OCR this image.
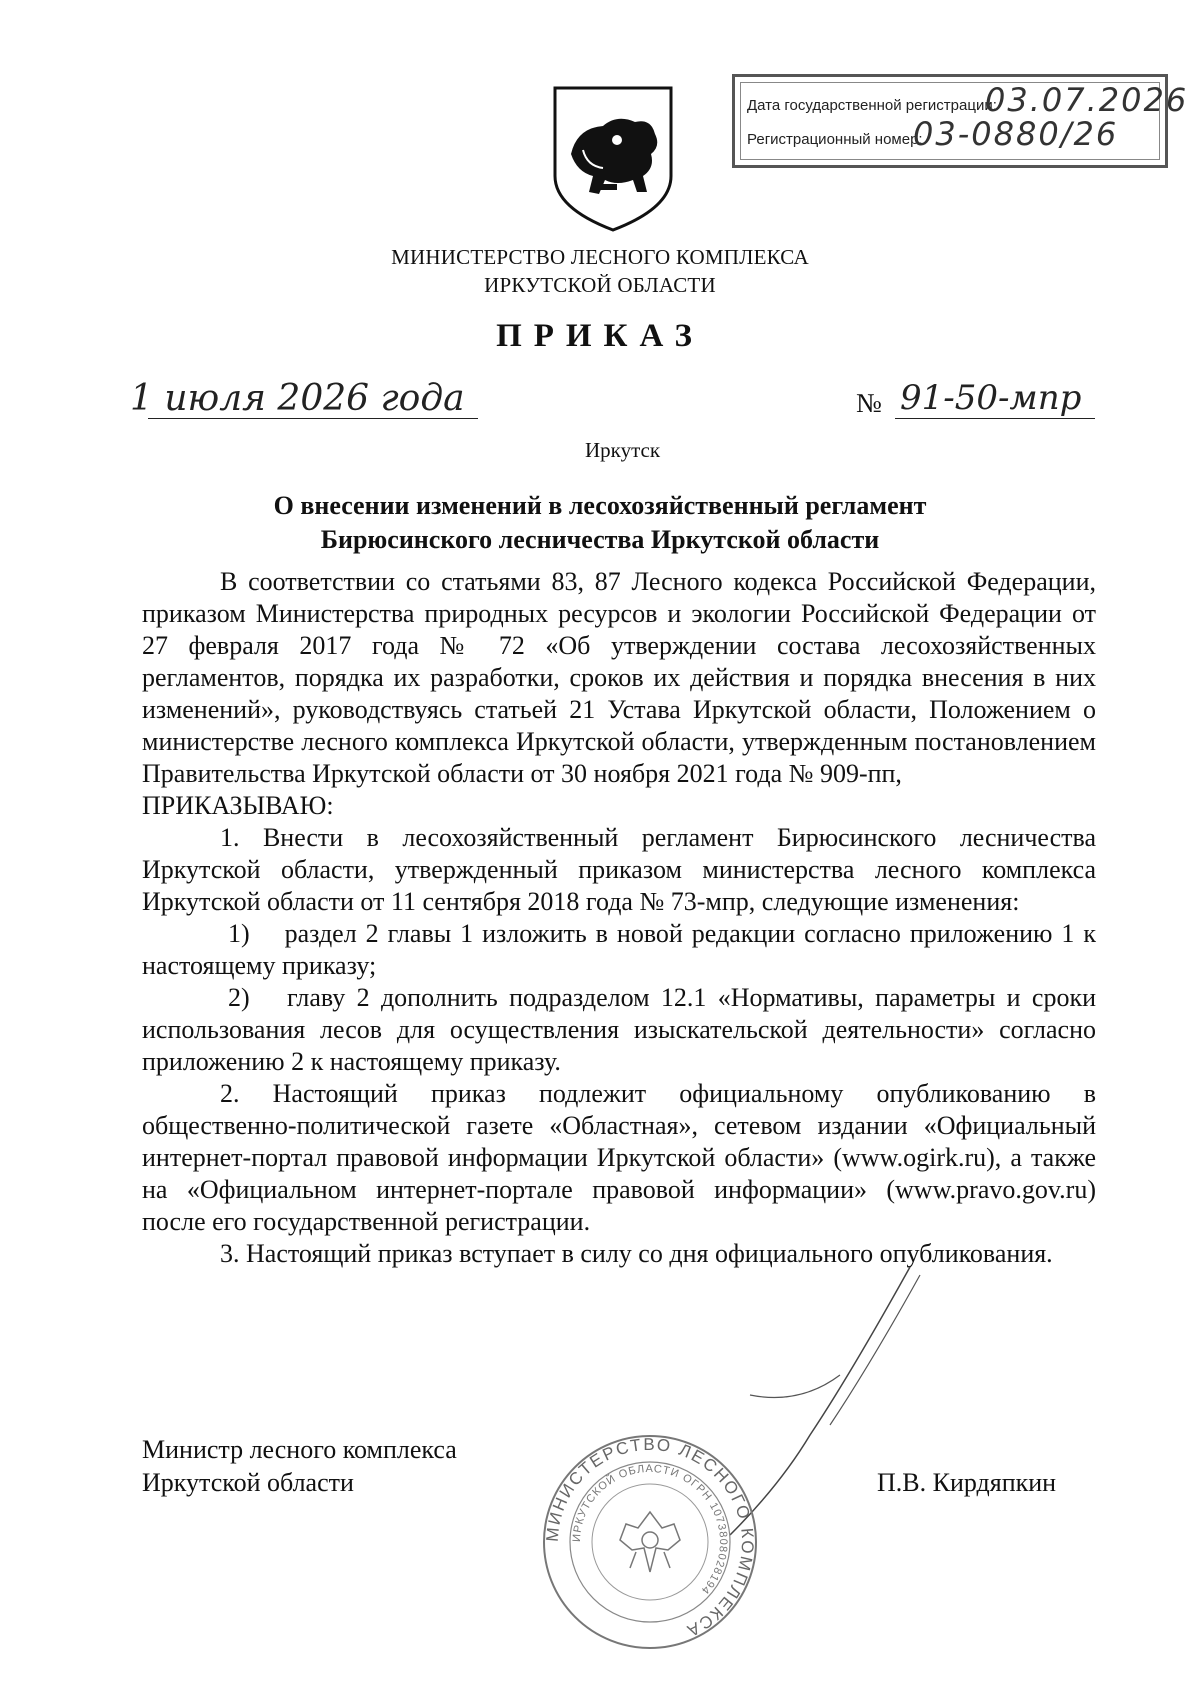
Дата государственной регистрации:
03.07.2026
Регистрационный номер:
03-0880/26
МИНИСТЕРСТВО ЛЕСНОГО КОМПЛЕКСА
ИРКУТСКОЙ ОБЛАСТИ
ПРИКАЗ
1 июля 2026 года	№ 91-50-мпр
Иркутск
О внесении изменений в лесохозяйственный регламент
Бирюсинского лесничества Иркутской области

В соответствии со статьями 83, 87 Лесного кодекса Российской Федерации, приказом Министерства природных ресурсов и экологии Российской Федерации от 27 февраля 2017 года № 72 «Об утверждении состава лесохозяйственных регламентов, порядка их разработки, сроков их действия и порядка внесения в них изменений», руководствуясь статьей 21 Устава Иркутской области, Положением о министерстве лесного комплекса Иркутской области, утвержденным постановлением Правительства Иркутской области от 30 ноября 2021 года № 909-пп,

ПРИКАЗЫВАЮ:

1. Внести в лесохозяйственный регламент Бирюсинского лесничества Иркутской области, утвержденный приказом министерства лесного комплекса Иркутской области от 11 сентября 2018 года № 73-мпр, следующие изменения:

1)  раздел 2 главы 1 изложить в новой редакции согласно приложению 1 к настоящему приказу;

2)  главу 2 дополнить подразделом 12.1 «Нормативы, параметры и сроки использования лесов для осуществления изыскательской деятельности» согласно приложению 2 к настоящему приказу.

2. Настоящий приказ подлежит официальному опубликованию в общественно-политической газете «Областная», сетевом издании «Официальный интернет-портал правовой информации Иркутской области» (www.ogirk.ru), а также на «Официальном интернет-портале правовой информации» (www.pravo.gov.ru) после его государственной регистрации.

3. Настоящий приказ вступает в силу со дня официального опубликования.

Министр лесного комплекса
Иркутской области	П.В. Кирдяпкин
МИНИСТЕРСТВО ЛЕСНОГО КОМПЛЕКСА
ИРКУТСКОЙ ОБЛАСТИ ОГРН 1073808028194
